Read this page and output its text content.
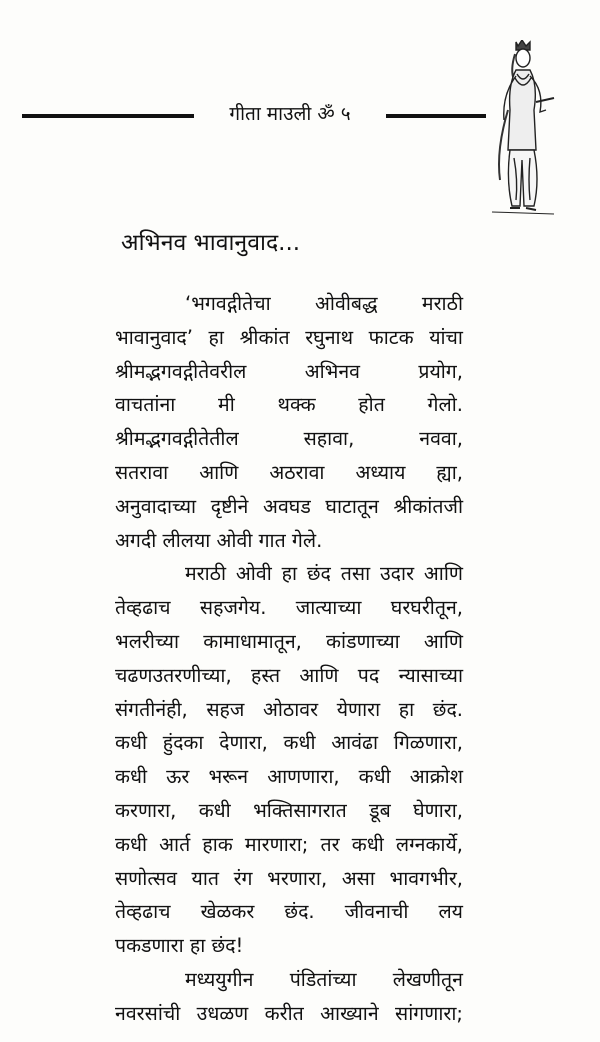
गीता माउली ॐ ५
अभिनव भावानुवाद...
‘भगवद्गीतेचा ओवीबद्ध मराठी
भावानुवाद’ हा श्रीकांत रघुनाथ फाटक यांचा
श्रीमद्भगवद्गीतेवरील अभिनव प्रयोग,
वाचतांना मी थक्क होत गेलो.
श्रीमद्भगवद्गीतेतील सहावा, नववा,
सतरावा आणि अठरावा अध्याय ह्या,
अनुवादाच्या दृष्टीने अवघड घाटातून श्रीकांतजी
अगदी लीलया ओवी गात गेले.
मराठी ओवी हा छंद तसा उदार आणि
तेव्हढाच सहजगेय. जात्याच्या घरघरीतून,
भलरीच्या कामाधामातून, कांडणाच्या आणि
चढणउतरणीच्या, हस्त आणि पद न्यासाच्या
संगतीनंही, सहज ओठावर येणारा हा छंद.
कधी हुंदका देणारा, कधी आवंढा गिळणारा,
कधी ऊर भरून आणणारा, कधी आक्रोश
करणारा, कधी भक्तिसागरात डूब घेणारा,
कधी आर्त हाक मारणारा; तर कधी लग्नकार्ये,
सणोत्सव यात रंग भरणारा, असा भावगभीर,
तेव्हढाच खेळकर छंद. जीवनाची लय
पकडणारा हा छंद!
मध्ययुगीन पंडितांच्या लेखणीतून
नवरसांची उधळण करीत आख्याने सांगणारा;
